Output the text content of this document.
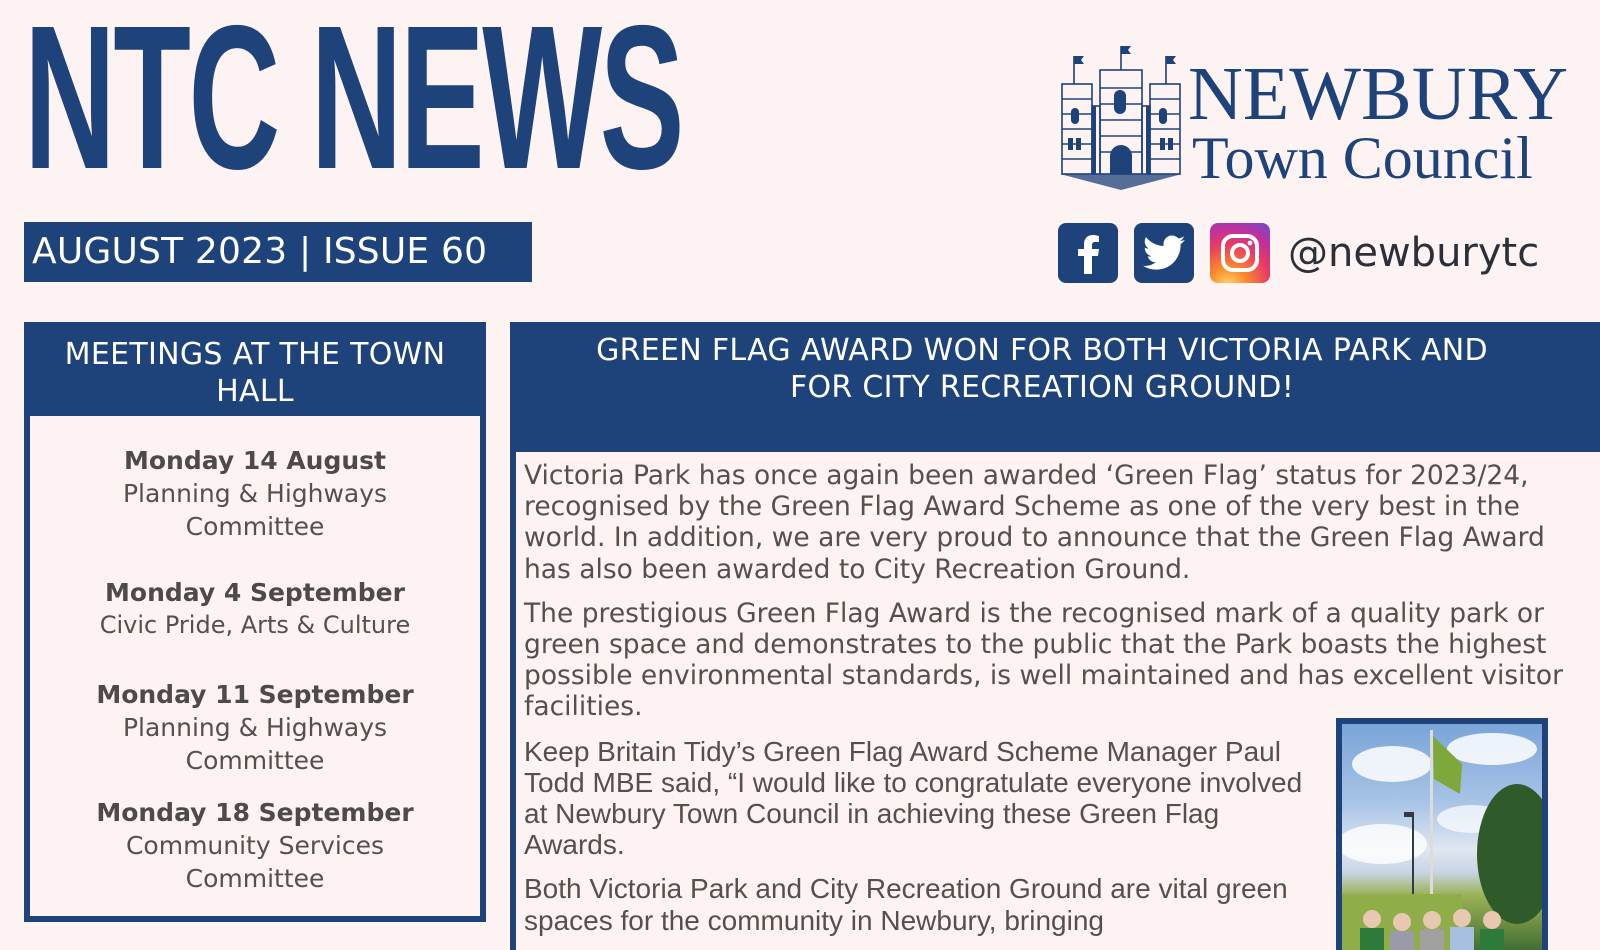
NTC NEWS
AUGUST 2023 | ISSUE 60
NEWBURY
Town Council
@newburytc
MEETINGS AT THE TOWN
HALL
Monday 14 August
Planning & Highways
Committee
Monday 4 September
Civic Pride, Arts & Culture
Monday 11 September
Planning & Highways
Committee
Monday 18 September
Community Services
Committee
GREEN FLAG AWARD WON FOR BOTH VICTORIA PARK AND
FOR CITY RECREATION GROUND!

Victoria Park has once again been awarded ‘Green Flag’ status for 2023/24, recognised by the Green Flag Award Scheme as one of the very best in the world. In addition, we are very proud to announce that the Green Flag Award has also been awarded to City Recreation Ground.

The prestigious Green Flag Award is the recognised mark of a quality park or green space and demonstrates to the public that the Park boasts the highest possible environmental standards, is well maintained and has excellent visitor facilities.

Keep Britain Tidy’s Green Flag Award Scheme Manager Paul Todd MBE said, “I would like to congratulate everyone involved at Newbury Town Council in achieving these Green Flag Awards.

Both Victoria Park and City Recreation Ground are vital green spaces for the community in Newbury, bringing
